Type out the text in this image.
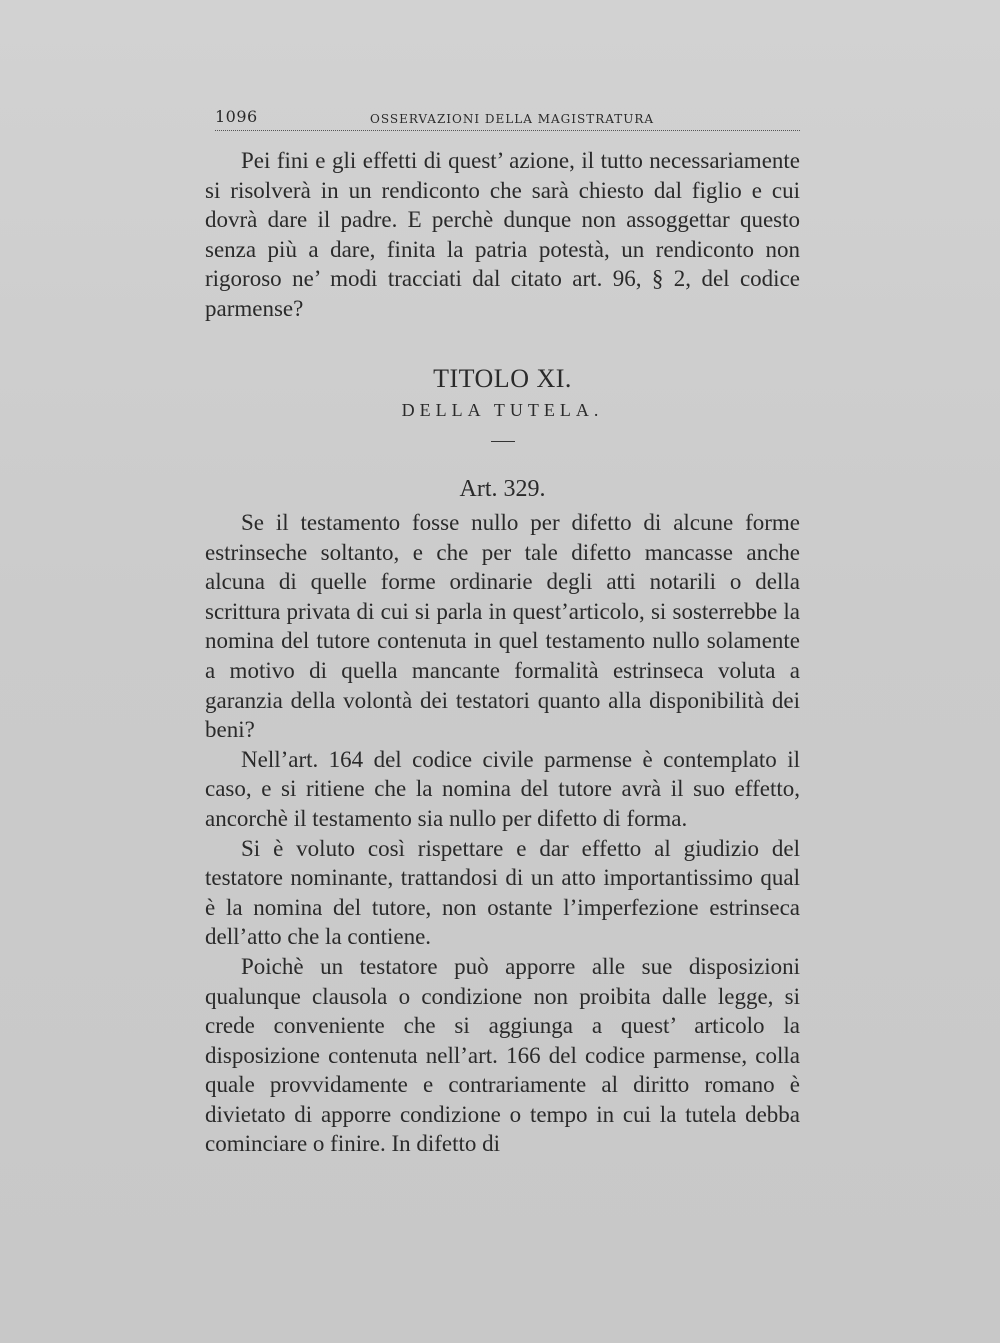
1096	OSSERVAZIONI DELLA MAGISTRATURA

Pei fini e gli effetti di quest’ azione, il tutto necessariamente si risolverà in un rendiconto che sarà chiesto dal figlio e cui dovrà dare il padre. E perchè dunque non assoggettar questo senza più a dare, finita la patria potestà, un rendiconto non rigoroso ne’ modi tracciati dal citato art. 96, § 2, del codice parmense?

TITOLO XI.
DELLA TUTELA.
Art. 329.

Se il testamento fosse nullo per difetto di alcune forme estrinseche soltanto, e che per tale difetto mancasse anche alcuna di quelle forme ordinarie degli atti notarili o della scrittura privata di cui si parla in quest’articolo, si sosterrebbe la nomina del tutore contenuta in quel testamento nullo solamente a motivo di quella mancante formalità estrinseca voluta a garanzia della volontà dei testatori quanto alla disponibilità dei beni?

Nell’art. 164 del codice civile parmense è contemplato il caso, e si ritiene che la nomina del tutore avrà il suo effetto, ancorchè il testamento sia nullo per difetto di forma.

Si è voluto così rispettare e dar effetto al giudizio del testatore nominante, trattandosi di un atto importantissimo qual è la nomina del tutore, non ostante l’imperfezione estrinseca dell’atto che la contiene.

Poichè un testatore può apporre alle sue disposizioni qualunque clausola o condizione non proibita dalle legge, si crede conveniente che si aggiunga a quest’ articolo la disposizione contenuta nell’art. 166 del codice parmense, colla quale provvidamente e contrariamente al diritto romano è divietato di apporre condizione o tempo in cui la tutela debba cominciare o finire. In difetto di
